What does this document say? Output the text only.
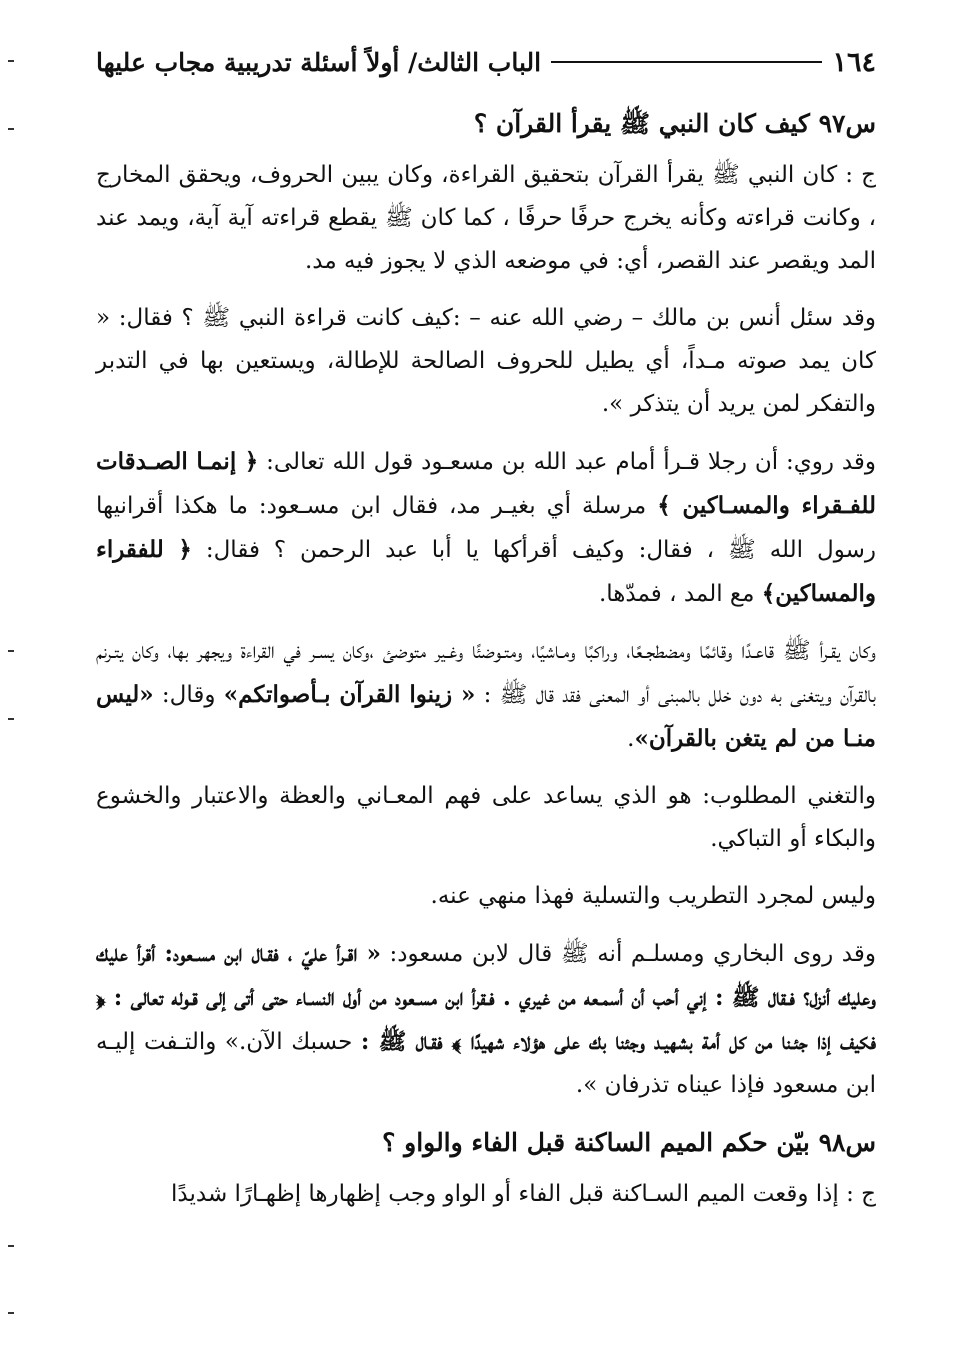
١٦٤
الباب الثالث/ أولاً أسئلة تدريبية مجاب عليها
س٩٧ كيف كان النبي ﷺ يقرأ القرآن ؟

ج : كان النبي ﷺ يقرأ القرآن بتحقيق القراءة، وكان يبين الحروف، ويحقق المخارج ، وكانت قراءته وكأنه يخرج حرفًا حرفًا ، كما كان ﷺ يقطع قراءته آية آية، ويمد عند المد ويقصر عند القصر، أي: في موضعه الذي لا يجوز فيه مد.

وقد سئل أنس بن مالك – رضي الله عنه – :كيف كانت قراءة النبي ﷺ ؟ فقال: « كان يمد صوته مـداً، أي يطيل للحروف الصالحة للإطالة، ويستعين بها في التدبر والتفكر لمن يريد أن يتذكر ».

وقد روي: أن رجلا قـرأ أمام عبد الله بن مسعـود قول الله تعالى: ﴿ إنمـا الصـدقات للفـقراء والمسـاكين ﴾ مرسلة أي بغيـر مد، فقال ابن مسـعود: ما هكذا أقرانيها رسول الله ﷺ ، فقال: وكيف أقرأكها يا أبا عبد الرحمن ؟ فقال: ﴿ للفقراء والمساكين﴾ مع المد ، فمدّها.

وكان يقـرأ ﷺ قاعـدًا وقائمًا ومضطجـعًا، وراكبًا ومـاشيًا، ومتـوضئًا وغـير متوضئ ،وكان يسـر في القراءة ويجهر بها، وكان يتـرنم بالقرآن ويتغنى به دون خلل بالمبنى أو المعنى فقد قال ﷺ : « زينوا القرآن بـأصواتكم» وقال: «ليس منـا من لم يتغن بالقرآن».

والتغني المطلوب: هو الذي يساعد على فهم المعـاني والعظة والاعتبار والخشوع والبكاء أو التباكي.

وليس لمجرد التطريب والتسلية فهذا منهي عنه.

وقد روى البخاري ومسلـم أنه ﷺ قال لابن مسعود: « اقـرأ عليّ ، فقـال ابن مسـعود: أقرأ عليك وعليك أنزل؟ فـقال ﷺ : إني أحب أن أسمـعه من غيري . فـقرأ ابن مسـعود من أول النسـاء حتى أتى إلى قـوله تعالى : ﴿ فكيف إذا جئـنا من كل أمة بشهيـد وجئنا بك على هؤلاء شهيدًا ﴾ فقـال ﷺ : حسبك الآن.» والتـفت إليـه ابن مسعود فإذا عيناه تذرفان ».

س٩٨ بيّن حكم الميم الساكنة قبل الفاء والواو ؟

ج : إذا وقعت الميم السـاكنة قبل الفاء أو الواو وجب إظهارها إظهـارًا شديدًا
